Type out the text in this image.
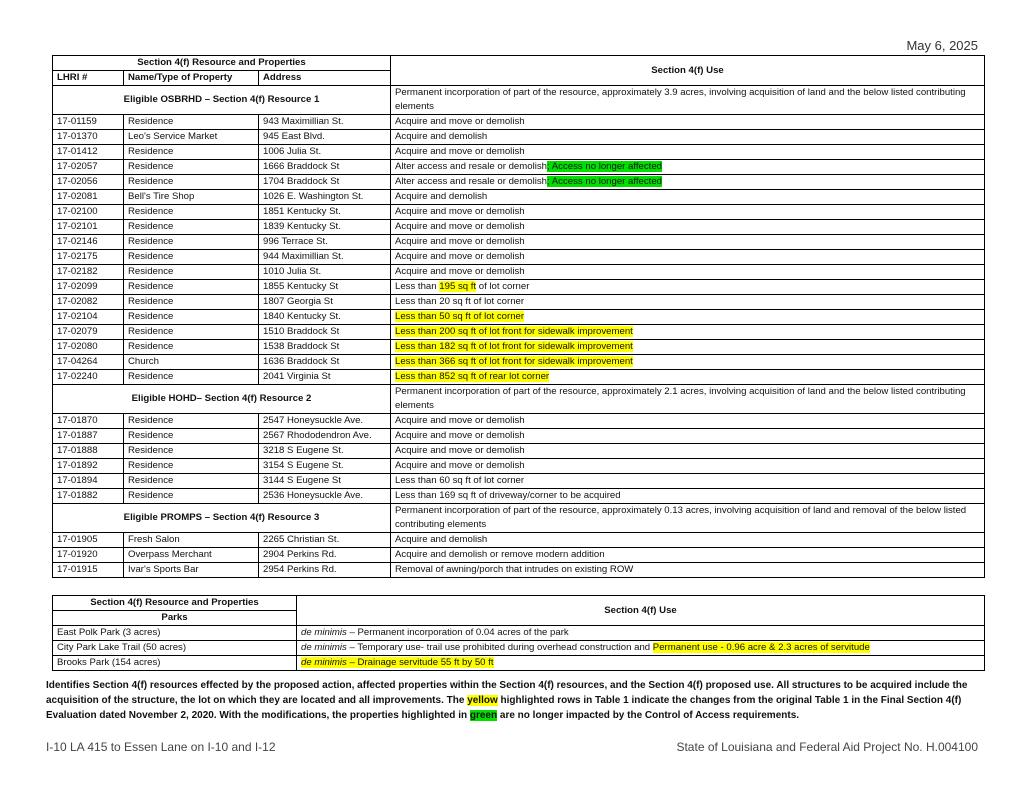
May 6, 2025
Section 4(f) Resource and Properties			Section 4(f) Use
LHRI #	Name/Type of Property	Address	
Eligible OSBRHD – Section 4(f) Resource 1			Permanent incorporation of part of the resource, approximately 3.9 acres, involving acquisition of land and the below listed contributing elements
17-01159	Residence	943 Maximillian St.	Acquire and move or demolish
17-01370	Leo's Service Market	945 East Blvd.	Acquire and demolish
17-01412	Residence	1006 Julia St.	Acquire and move or demolish
17-02057	Residence	1666 Braddock St	Alter access and resale or demolish; Access no longer affected
17-02056	Residence	1704 Braddock St	Alter access and resale or demolish; Access no longer affected
17-02081	Bell's Tire Shop	1026 E. Washington St.	Acquire and demolish
17-02100	Residence	1851 Kentucky St.	Acquire and move or demolish
17-02101	Residence	1839 Kentucky St.	Acquire and move or demolish
17-02146	Residence	996 Terrace St.	Acquire and move or demolish
17-02175	Residence	944 Maximillian St.	Acquire and move or demolish
17-02182	Residence	1010 Julia St.	Acquire and move or demolish
17-02099	Residence	1855 Kentucky St	Less than 195 sq ft of lot corner
17-02082	Residence	1807 Georgia St	Less than 20 sq ft of lot corner
17-02104	Residence	1840 Kentucky St.	Less than 50 sq ft of lot corner
17-02079	Residence	1510 Braddock St	Less than 200 sq ft of lot front for sidewalk improvement
17-02080	Residence	1538 Braddock St	Less than 182 sq ft of lot front for sidewalk improvement
17-04264	Church	1636 Braddock St	Less than 366 sq ft of lot front for sidewalk improvement
17-02240	Residence	2041 Virginia St	Less than 852 sq ft of rear lot corner
Eligible HOHD– Section 4(f) Resource 2			Permanent incorporation of part of the resource, approximately 2.1 acres, involving acquisition of land and the below listed contributing elements
17-01870	Residence	2547 Honeysuckle Ave.	Acquire and move or demolish
17-01887	Residence	2567 Rhododendron Ave.	Acquire and move or demolish
17-01888	Residence	3218 S Eugene St.	Acquire and move or demolish
17-01892	Residence	3154 S Eugene St.	Acquire and move or demolish
17-01894	Residence	3144 S Eugene St	Less than 60 sq ft of lot corner
17-01882	Residence	2536 Honeysuckle Ave.	Less than 169 sq ft of driveway/corner to be acquired
Eligible PROMPS – Section 4(f) Resource 3			Permanent incorporation of part of the resource, approximately 0.13 acres, involving acquisition of land and removal of the below listed contributing elements
17-01905	Fresh Salon	2265 Christian St.	Acquire and demolish
17-01920	Overpass Merchant	2904 Perkins Rd.	Acquire and demolish or remove modern addition
17-01915	Ivar's Sports Bar	2954 Perkins Rd.	Removal of awning/porch that intrudes on existing ROW
Section 4(f) Resource and Properties	Section 4(f) Use
Parks	
East Polk Park (3 acres)	de minimis – Permanent incorporation of 0.04 acres of the park
City Park Lake Trail (50 acres)	de minimis – Temporary use- trail use prohibited during overhead construction and Permanent use - 0.96 acre & 2.3 acres of servitude
Brooks Park (154 acres)	de minimis – Drainage servitude 55 ft by 50 ft
Identifies Section 4(f) resources effected by the proposed action, affected properties within the Section 4(f) resources, and the Section 4(f) proposed use. All structures to be acquired include the acquisition of the structure, the lot on which they are located and all improvements. The yellow highlighted rows in Table 1 indicate the changes from the original Table 1 in the Final Section 4(f) Evaluation dated November 2, 2020. With the modifications, the properties highlighted in green are no longer impacted by the Control of Access requirements.
I-10 LA 415 to Essen Lane on I-10 and I-12	State of Louisiana and Federal Aid Project No. H.004100
